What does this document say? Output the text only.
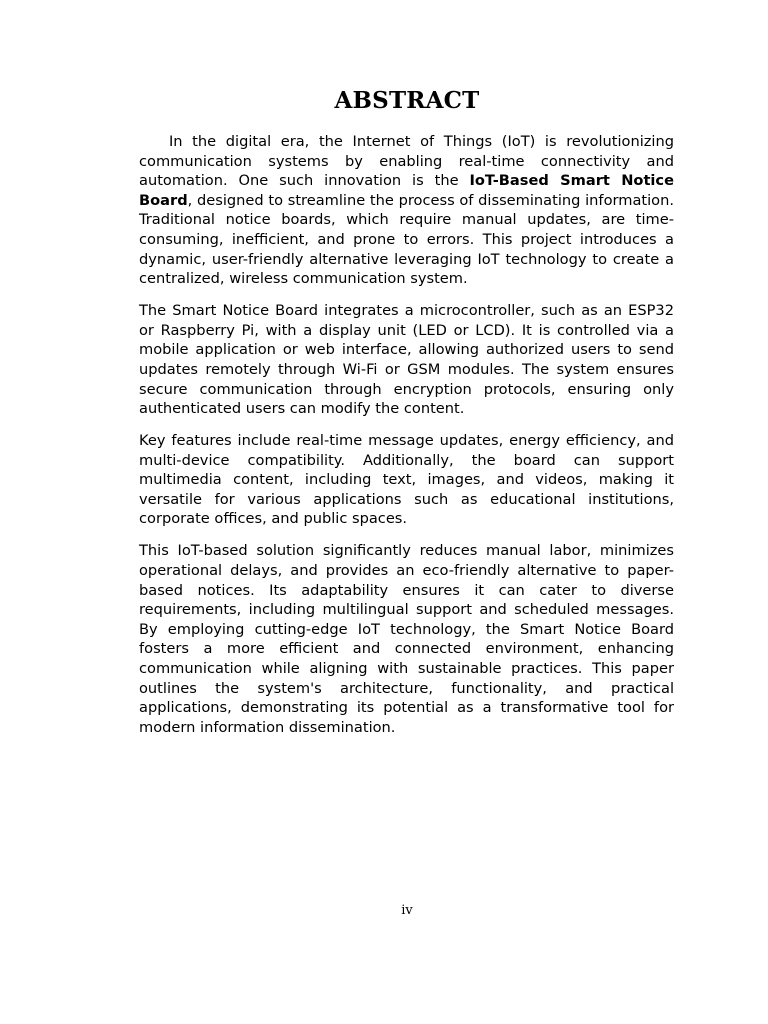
ABSTRACT

In the digital era, the Internet of Things (IoT) is revolutionizing communication systems by enabling real-time connectivity and automation. One such innovation is the IoT-Based Smart Notice Board, designed to streamline the process of disseminating information. Traditional notice boards, which require manual updates, are time-consuming, inefficient, and prone to errors. This project introduces a dynamic, user-friendly alternative leveraging IoT technology to create a centralized, wireless communication system.

The Smart Notice Board integrates a microcontroller, such as an ESP32 or Raspberry Pi, with a display unit (LED or LCD). It is controlled via a mobile application or web interface, allowing authorized users to send updates remotely through Wi-Fi or GSM modules. The system ensures secure communication through encryption protocols, ensuring only authenticated users can modify the content.

Key features include real-time message updates, energy efficiency, and multi-device compatibility. Additionally, the board can support multimedia content, including text, images, and videos, making it versatile for various applications such as educational institutions, corporate offices, and public spaces.

This IoT-based solution significantly reduces manual labor, minimizes operational delays, and provides an eco-friendly alternative to paper-based notices. Its adaptability ensures it can cater to diverse requirements, including multilingual support and scheduled messages. By employing cutting-edge IoT technology, the Smart Notice Board fosters a more efficient and connected environment, enhancing communication while aligning with sustainable practices. This paper outlines the system's architecture, functionality, and practical applications, demonstrating its potential as a transformative tool for modern information dissemination.

iv
